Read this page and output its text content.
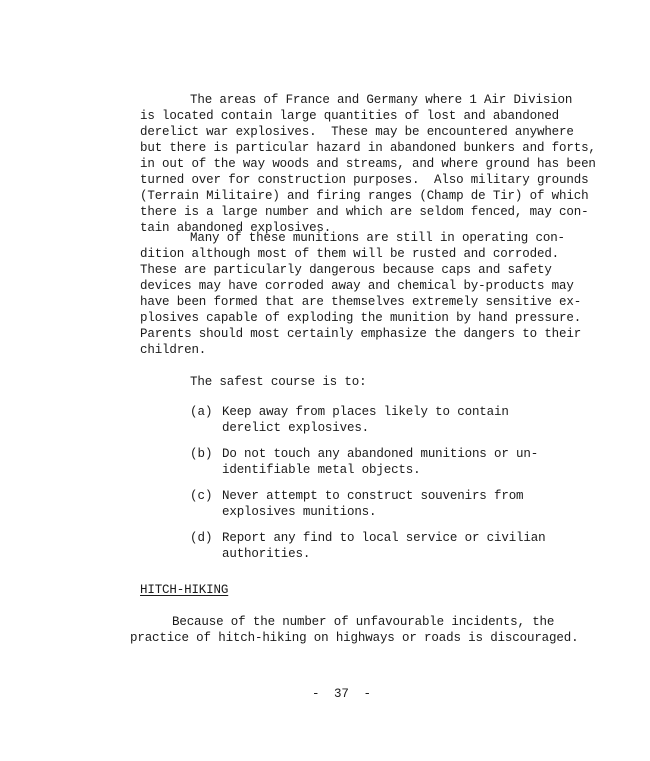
The areas of France and Germany where 1 Air Division
is located contain large quantities of lost and abandoned
derelict war explosives.  These may be encountered anywhere
but there is particular hazard in abandoned bunkers and forts,
in out of the way woods and streams, and where ground has been
turned over for construction purposes.  Also military grounds
(Terrain Militaire) and firing ranges (Champ de Tir) of which
there is a large number and which are seldom fenced, may con-
tain abandoned explosives.
Many of these munitions are still in operating con-
dition although most of them will be rusted and corroded.
These are particularly dangerous because caps and safety
devices may have corroded away and chemical by-products may
have been formed that are themselves extremely sensitive ex-
plosives capable of exploding the munition by hand pressure.
Parents should most certainly emphasize the dangers to their
children.
The safest course is to:
(a) Keep away from places likely to contain
derelict explosives.
(b) Do not touch any abandoned munitions or un-
identifiable metal objects.
(c) Never attempt to construct souvenirs from
explosives munitions.
(d) Report any find to local service or civilian
authorities.
HITCH-HIKING
Because of the number of unfavourable incidents, the
practice of hitch-hiking on highways or roads is discouraged.
-  37  -
